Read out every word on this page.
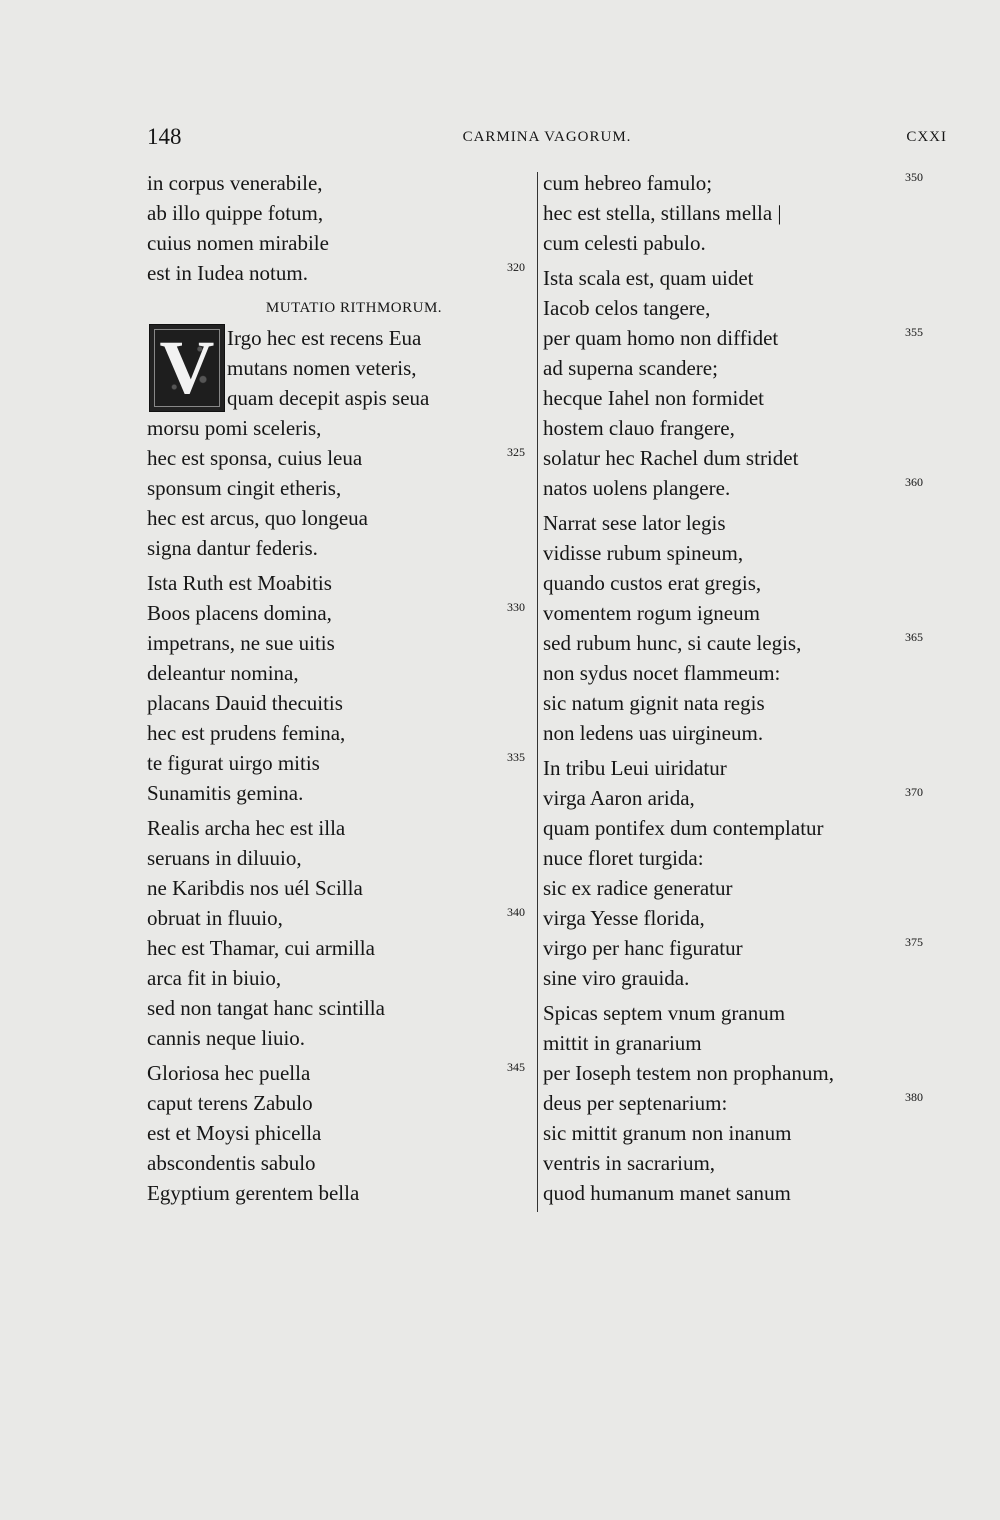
148	CARMINA VAGORUM.	CXXI
in corpus venerabile,
ab illo quippe fotum,
cuius nomen mirabile
est in Iudea notum.	320
MUTATIO RITHMORUM.
V Irgo hec est recens Eua
mutans nomen veteris,
quam decepit aspis seua
morsu pomi sceleris,
hec est sponsa, cuius leua	325
sponsum cingit etheris,
hec est arcus, quo longeua
signa dantur federis.
Ista Ruth est Moabitis
Boos placens domina,	330
impetrans, ne sue uitis
deleantur nomina,
placans Dauid thecuitis
hec est prudens femina,
te figurat uirgo mitis	335
Sunamitis gemina.
Realis archa hec est illa
seruans in diluuio,
ne Karibdis nos uél Scilla
obruat in fluuio,	340
hec est Thamar, cui armilla
arca fit in biuio,
sed non tangat hanc scintilla
cannis neque liuio.
Gloriosa hec puella	345
caput terens Zabulo
est et Moysi phicella
abscondentis sabulo
Egyptium gerentem bella
cum hebreo famulo;	350
hec est stella, stillans mella |
cum celesti pabulo.
Ista scala est, quam uidet
Iacob celos tangere,
per quam homo non diffidet	355
ad superna scandere;
hecque Iahel non formidet
hostem clauo frangere,
solatur hec Rachel dum stridet
natos uolens plangere.	360
Narrat sese lator legis
vidisse rubum spineum,
quando custos erat gregis,
vomentem rogum igneum
sed rubum hunc, si caute legis,	365
non sydus nocet flammeum:
sic natum gignit nata regis
non ledens uas uirgineum.
In tribu Leui uiridatur
virga Aaron arida,	370
quam pontifex dum contemplatur
nuce floret turgida:
sic ex radice generatur
virga Yesse florida,
virgo per hanc figuratur	375
sine viro grauida.
Spicas septem vnum granum
mittit in granarium
per Ioseph testem non prophanum,
deus per septenarium:	380
sic mittit granum non inanum
ventris in sacrarium,
quod humanum manet sanum
